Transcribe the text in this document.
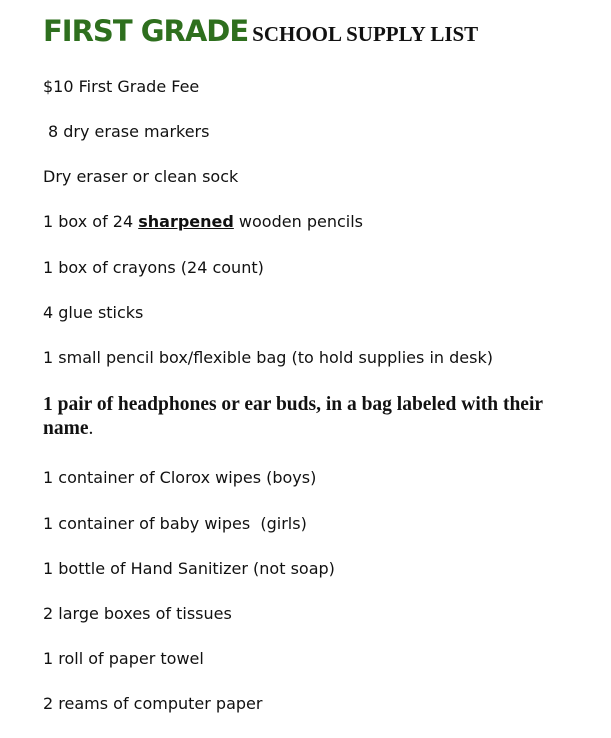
FIRST GRADE SCHOOL SUPPLY LIST
$10 First Grade Fee
8 dry erase markers
Dry eraser or clean sock
1 box of 24 sharpened wooden pencils
1 box of crayons (24 count)
4 glue sticks
1 small pencil box/flexible bag (to hold supplies in desk)
1 pair of headphones or ear buds, in a bag labeled with their name.
1 container of Clorox wipes (boys)
1 container of baby wipes  (girls)
1 bottle of Hand Sanitizer (not soap)
2 large boxes of tissues
1 roll of paper towel
2 reams of computer paper
